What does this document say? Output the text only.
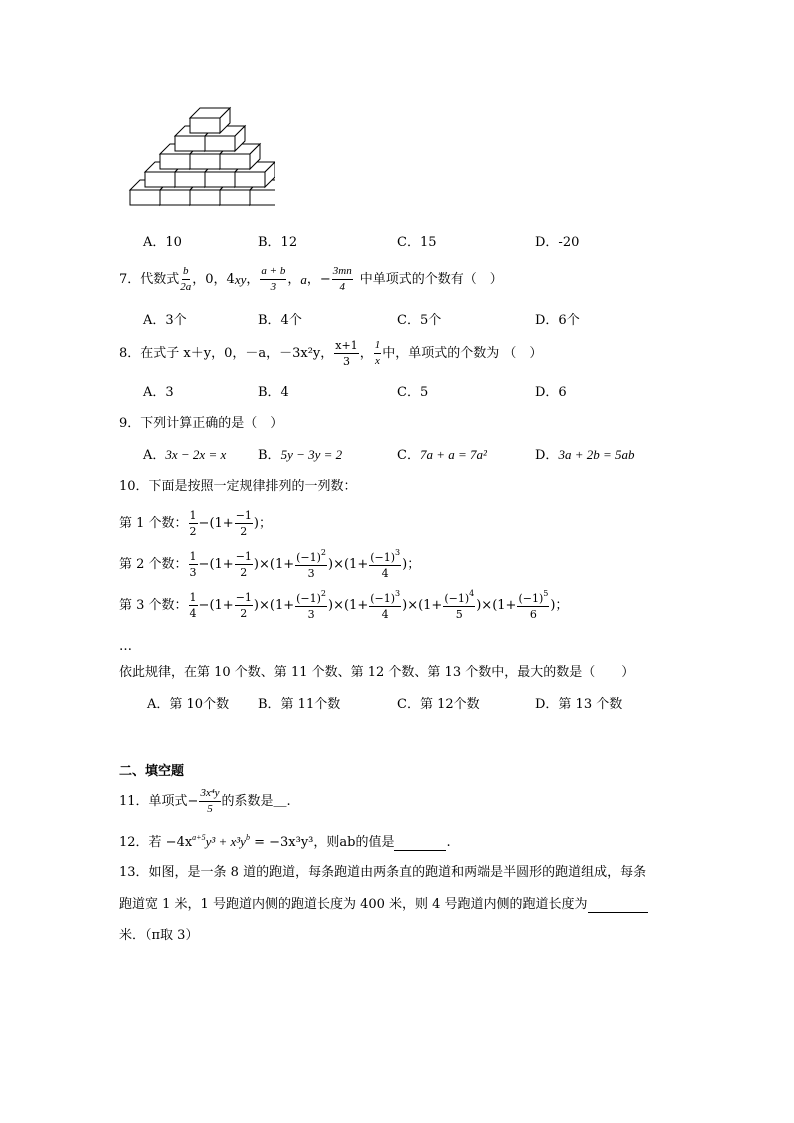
A．10	B．12	C．15	D．-20
7．代数式 $\frac{b}{2a}$ ，0，4 xy ， $\frac{a + b}{3}$ ， a ，− $\frac{3mn}{4}$ 中单项式的个数有（　）
A．3个	B．4个	C．5个	D．6个
8．在式子 x＋y，0，－a，－3x²y， $\frac{x+1}{3}$ ， $\frac{1}{x}$ 中，单项式的个数为 （　）
A．3	B．4	C．5	D．6
9．下列计算正确的是（　）
A．3x − 2x = x B．5y − 3y = 2	C．7a + a = 7a²	D．3a + 2b = 5ab
10．下面是按照一定规律排列的一列数：
第 1 个数： $\frac{1}{2} -(1+ \frac{-1}{2}$ )；
第 2 个数： $\frac{1}{3} -(1+ \frac{-1}{2} )\times(1+ \frac{(-1)^2}{3} )\times(1+ \frac{(-1)^3}{4}$ )；
第 3 个数： $\frac{1}{4} -(1+ \frac{-1}{2} )\times(1+ \frac{(-1)^2}{3} )\times(1+ \frac{(-1)^3}{4} )\times(1+ \frac{(-1)^4}{5} )\times(1+ \frac{(-1)^5}{6}$ )；
…
依此规律，在第 10 个数、第 11 个数、第 12 个数、第 13 个数中，最大的数是（　　）
A．第 10个数 B．第 11个数	C．第 12个数	D．第 13 个数
二、填空题
11．单项式− $\frac{\text{3x⁴y}}{5}$ 的系数是＿.
12．若 $-4x^{a+5}y^3 + x^3y^b = -3x^3y^3$，则ab的值是	.
13．如图，是一条 8 道的跑道，每条跑道由两条直的跑道和两端是半圆形的跑道组成，每条
跑道宽 1 米，1 号跑道内侧的跑道长度为 400 米，则 4 号跑道内侧的跑道长度为
米．（π取 3）
